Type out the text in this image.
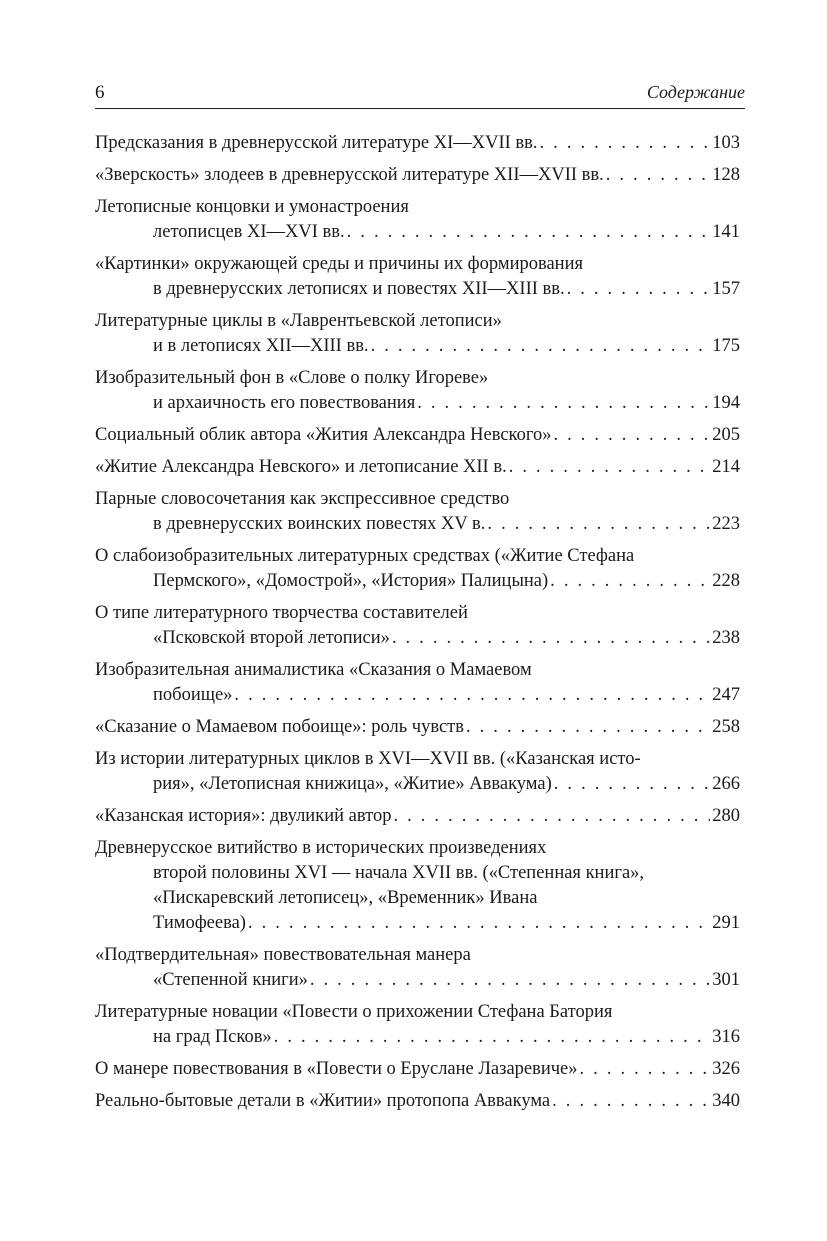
6	Содержание
Предсказания в древнерусской литературе XI—XVII вв. . . .	103
«Зверскость» злодеев в древнерусской литературе XII—XVII вв. . . .	128
Летописные концовки и умонастроения
летописцев XI—XVI вв. . . .	141
«Картинки» окружающей среды и причины их формирования
в древнерусских летописях и повестях XII—XIII вв. . . .	157
Литературные циклы в «Лаврентьевской летописи»
и в летописях XII—XIII вв. . . .	175
Изобразительный фон в «Слове о полку Игореве»
и архаичность его повествования . . .	194
Социальный облик автора «Жития Александра Невского» . . .	205
«Житие Александра Невского» и летописание XII в. . . .	214
Парные словосочетания как экспрессивное средство
в древнерусских воинских повестях XV в. . . .	223
О слабоизобразительных литературных средствах («Житие Стефана
Пермского», «Домострой», «История» Палицына) . . .	228
О типе литературного творчества составителей
«Псковской второй летописи» . . .	238
Изобразительная анималистика «Сказания о Мамаевом
побоище» . . .	247
«Сказание о Мамаевом побоище»: роль чувств . . .	258
Из истории литературных циклов в XVI—XVII вв. («Казанская исто-
рия», «Летописная книжица», «Житие» Аввакума) . . .	266
«Казанская история»: двуликий автор . . .	280
Древнерусское витийство в исторических произведениях
второй половины XVI — начала XVII вв. («Степенная книга»,
«Пискаревский летописец», «Временник» Ивана
Тимофеева) . . .	291
«Подтвердительная» повествовательная манера
«Степенной книги» . . .	301
Литературные новации «Повести о прихожении Стефана Батория
на град Псков» . . .	316
О манере повествования в «Повести о Еруслане Лазаревиче» . . .	326
Реально-бытовые детали в «Житии» протопопа Аввакума . . .	340
